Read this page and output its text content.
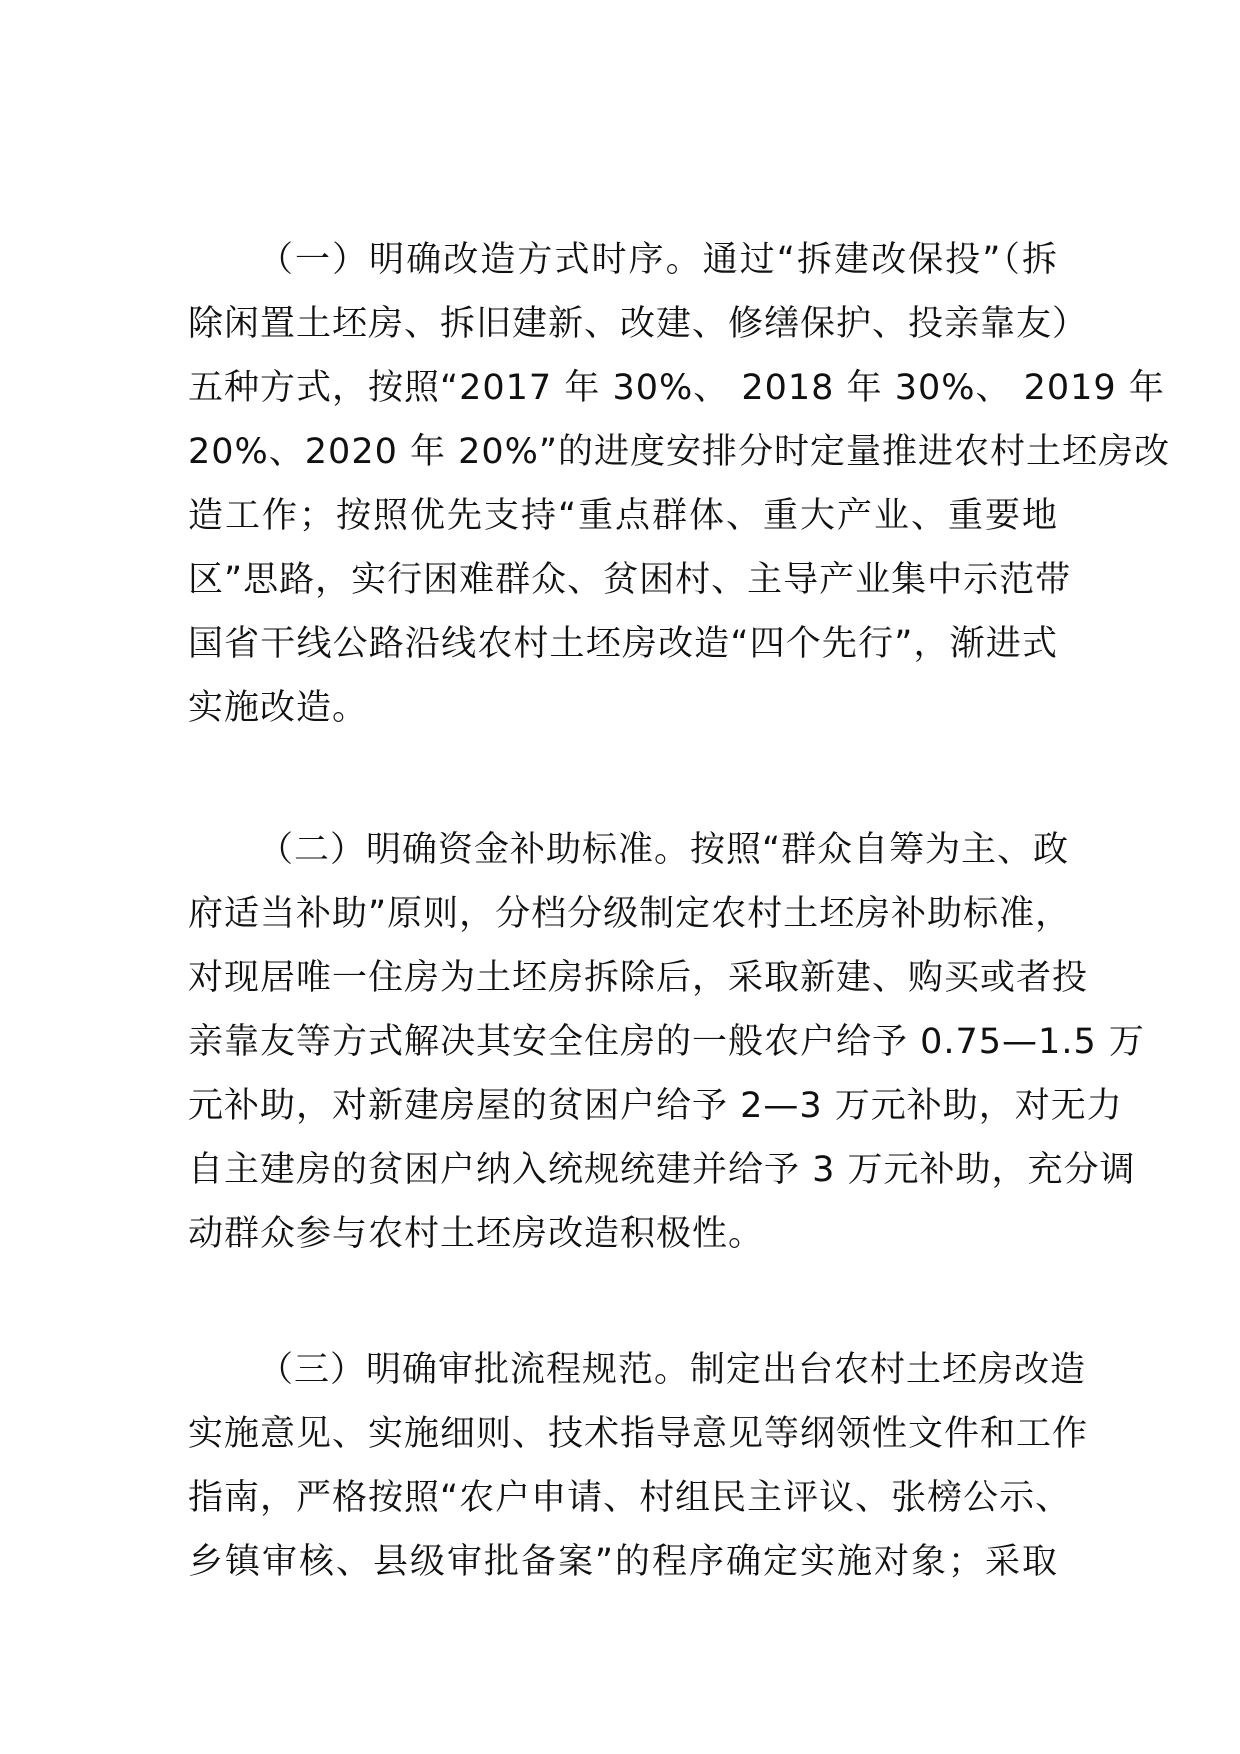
（一）明确改造方式时序。通过“拆建改保投”（拆
除闲置土坯房、拆旧建新、改建、修缮保护、投亲靠友）
五种方式，按照“2017 年 30%、 2018 年 30%、 2019 年
20%、2020 年 20%”的进度安排分时定量推进农村土坯房改
造工作；按照优先支持“重点群体、重大产业、重要地
区”思路，实行困难群众、贫困村、主导产业集中示范带
国省干线公路沿线农村土坯房改造“四个先行”，渐进式
实施改造。
（二）明确资金补助标准。按照“群众自筹为主、政
府适当补助”原则，分档分级制定农村土坯房补助标准，
对现居唯一住房为土坯房拆除后，采取新建、购买或者投
亲靠友等方式解决其安全住房的一般农户给予 0.75—1.5 万
元补助，对新建房屋的贫困户给予 2—3 万元补助，对无力
自主建房的贫困户纳入统规统建并给予 3 万元补助，充分调
动群众参与农村土坯房改造积极性。
（三）明确审批流程规范。制定出台农村土坯房改造
实施意见、实施细则、技术指导意见等纲领性文件和工作
指南，严格按照“农户申请、村组民主评议、张榜公示、
乡镇审核、县级审批备案”的程序确定实施对象；采取
